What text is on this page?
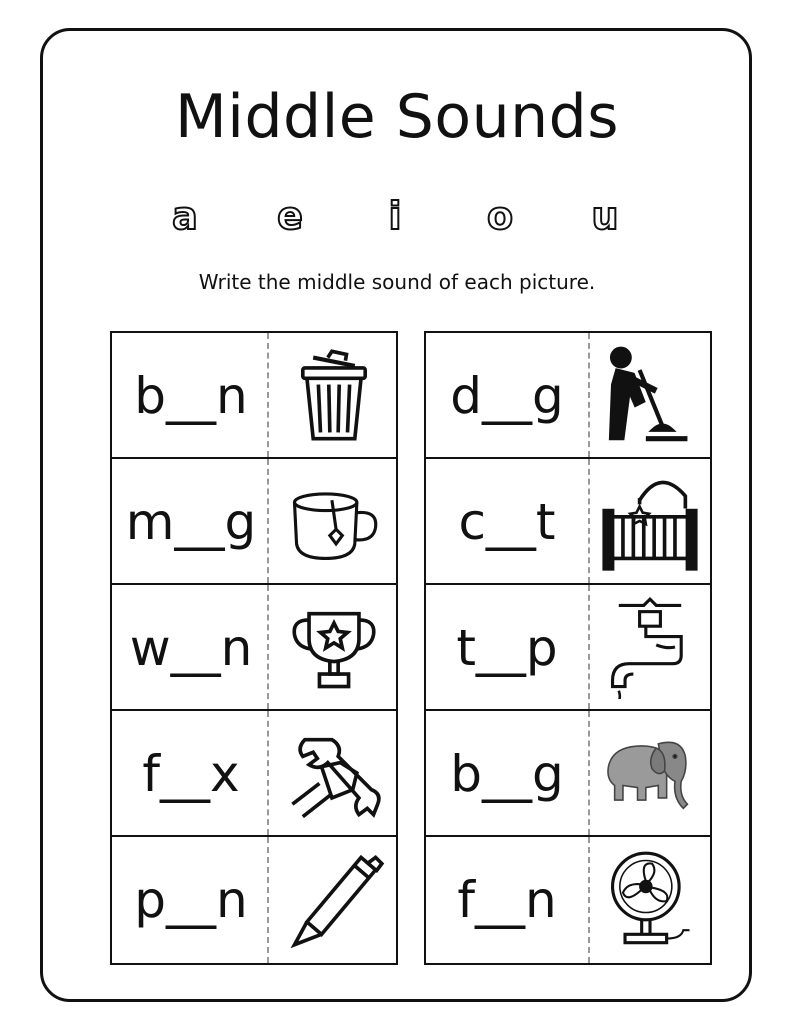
Middle Sounds
a	e	i	o	u
Write the middle sound of each picture.
b__n
m__g
w__n
f__x
p__n
d__g
c__t
t__p
b__g
f__n
